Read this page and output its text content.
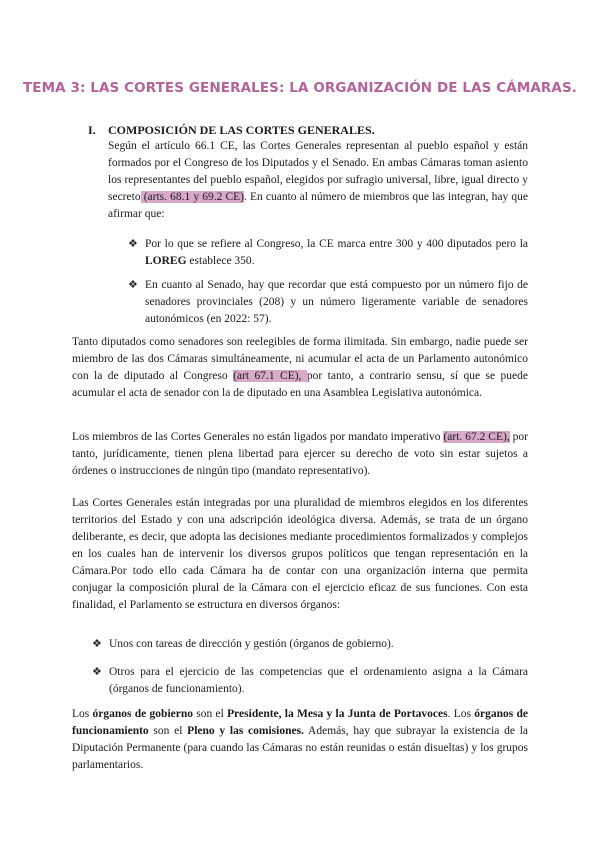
TEMA 3: LAS CORTES GENERALES: LA ORGANIZACIÓN DE LAS CÁMARAS.
I. COMPOSICIÓN DE LAS CORTES GENERALES.
Según el artículo 66.1 CE, las Cortes Generales representan al pueblo español y están formados por el Congreso de los Diputados y el Senado. En ambas Cámaras toman asiento los representantes del pueblo español, elegidos por sufragio universal, libre, igual directo y secreto (arts. 68.1 y 69.2 CE). En cuanto al número de miembros que las integran, hay que afirmar que:
❖ Por lo que se refiere al Congreso, la CE marca entre 300 y 400 diputados pero la LOREG establece 350.
❖ En cuanto al Senado, hay que recordar que está compuesto por un número fijo de senadores provinciales (208) y un número ligeramente variable de senadores autonómicos (en 2022: 57).
Tanto diputados como senadores son reelegibles de forma ilimitada. Sin embargo, nadie puede ser miembro de las dos Cámaras simultáneamente, ni acumular el acta de un Parlamento autonómico con la de diputado al Congreso (art 67.1 CE), por tanto, a contrario sensu, sí que se puede acumular el acta de senador con la de diputado en una Asamblea Legislativa autonómica.
Los miembros de las Cortes Generales no están ligados por mandato imperativo (art. 67.2 CE), por tanto, jurídicamente, tienen plena libertad para ejercer su derecho de voto sin estar sujetos a órdenes o instrucciones de ningún tipo (mandato representativo).
Las Cortes Generales están integradas por una pluralidad de miembros elegidos en los diferentes territorios del Estado y con una adscripción ideológica diversa. Además, se trata de un órgano deliberante, es decir, que adopta las decisiones mediante procedimientos formalizados y complejos en los cuales han de intervenir los diversos grupos políticos que tengan representación en la Cámara.Por todo ello cada Cámara ha de contar con una organización interna que permita conjugar la composición plural de la Cámara con el ejercicio eficaz de sus funciones. Con esta finalidad, el Parlamento se estructura en diversos órganos:
❖ Unos con tareas de dirección y gestión (órganos de gobierno).
❖ Otros para el ejercicio de las competencias que el ordenamiento asigna a la Cámara (órganos de funcionamiento).
Los órganos de gobierno son el Presidente, la Mesa y la Junta de Portavoces. Los órganos de funcionamiento son el Pleno y las comisiones. Además, hay que subrayar la existencia de la Diputación Permanente (para cuando las Cámaras no están reunidas o están disueltas) y los grupos parlamentarios.
